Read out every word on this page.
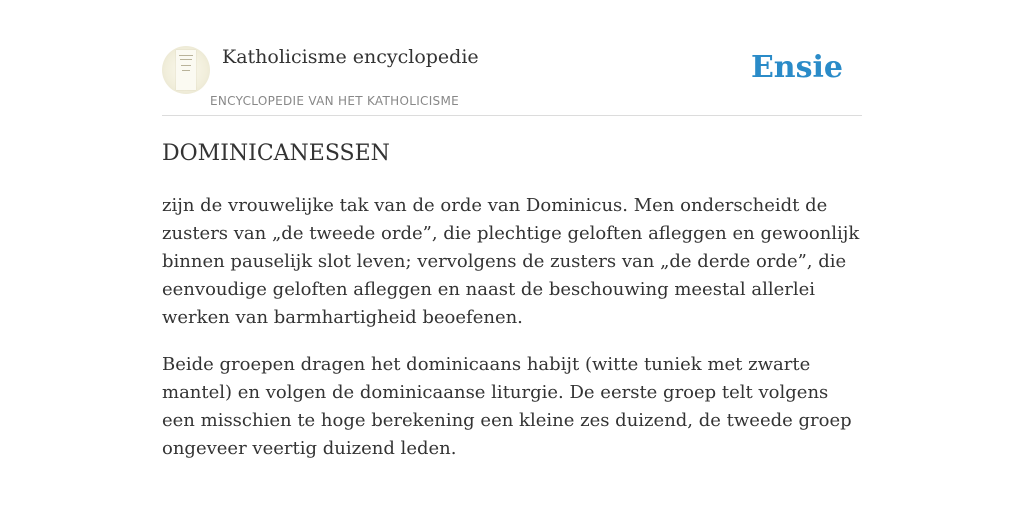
Katholicisme encyclopedie
ENCYCLOPEDIE VAN HET KATHOLICISME
Ensie
DOMINICANESSEN

zijn de vrouwelijke tak van de orde van Dominicus. Men onderscheidt de zusters van „de tweede orde”, die plechtige geloften afleggen en gewoonlijk binnen pauselijk slot leven; vervolgens de zusters van „de derde orde”, die eenvoudige geloften afleggen en naast de beschouwing meestal allerlei werken van barmhartigheid beoefenen.

Beide groepen dragen het dominicaans habijt (witte tuniek met zwarte mantel) en volgen de dominicaanse liturgie. De eerste groep telt volgens een misschien te hoge berekening een kleine zes duizend, de tweede groep ongeveer veertig duizend leden.
